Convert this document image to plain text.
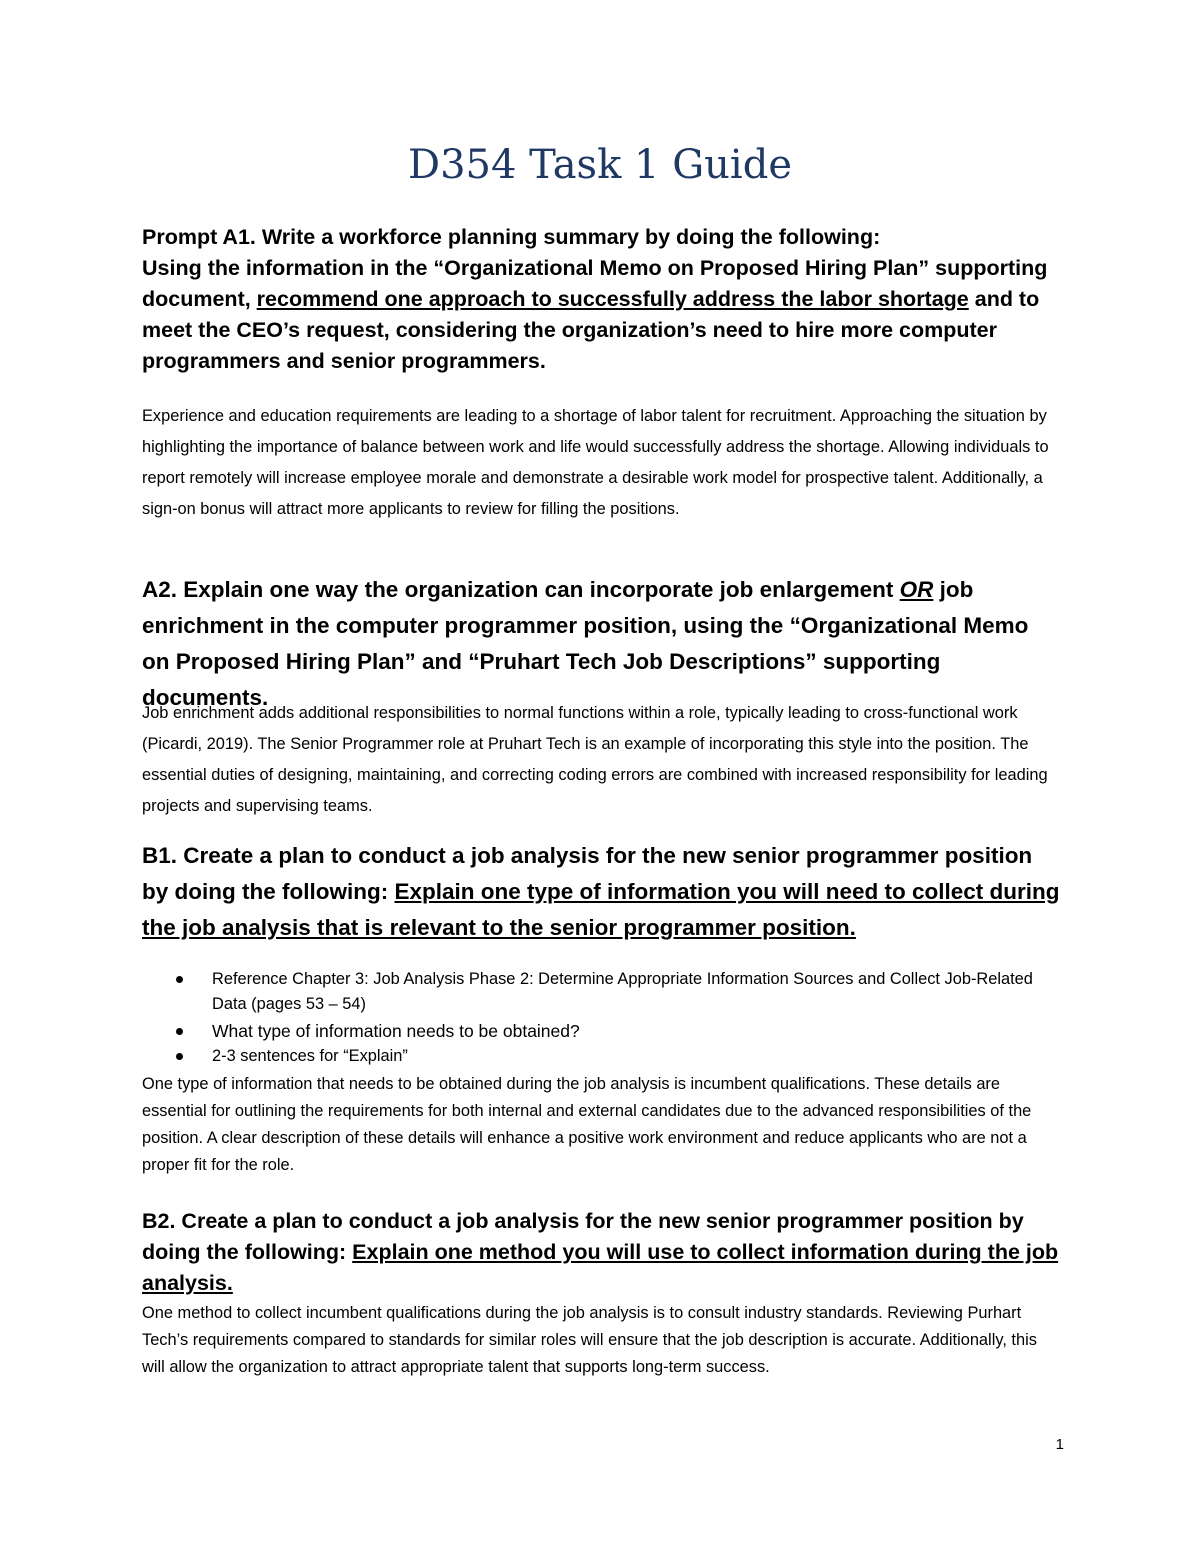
D354 Task 1 Guide
Prompt A1. Write a workforce planning summary by doing the following:
Using the information in the “Organizational Memo on Proposed Hiring Plan” supporting document, recommend one approach to successfully address the labor shortage and to meet the CEO’s request, considering the organization’s need to hire more computer programmers and senior programmers.

Experience and education requirements are leading to a shortage of labor talent for recruitment. Approaching the situation by highlighting the importance of balance between work and life would successfully address the shortage. Allowing individuals to report remotely will increase employee morale and demonstrate a desirable work model for prospective talent. Additionally, a sign-on bonus will attract more applicants to review for filling the positions.

A2. Explain one way the organization can incorporate job enlargement OR job enrichment in the computer programmer position, using the “Organizational Memo on Proposed Hiring Plan” and “Pruhart Tech Job Descriptions” supporting documents.

Job enrichment adds additional responsibilities to normal functions within a role, typically leading to cross-functional work (Picardi, 2019). The Senior Programmer role at Pruhart Tech is an example of incorporating this style into the position. The essential duties of designing, maintaining, and correcting coding errors are combined with increased responsibility for leading projects and supervising teams.

B1. Create a plan to conduct a job analysis for the new senior programmer position by doing the following: Explain one type of information you will need to collect during the job analysis that is relevant to the senior programmer position.
Reference Chapter 3: Job Analysis Phase 2: Determine Appropriate Information Sources and Collect Job-Related Data (pages 53 – 54)
What type of information needs to be obtained?
2-3 sentences for “Explain”

One type of information that needs to be obtained during the job analysis is incumbent qualifications. These details are essential for outlining the requirements for both internal and external candidates due to the advanced responsibilities of the position. A clear description of these details will enhance a positive work environment and reduce applicants who are not a proper fit for the role.

B2. Create a plan to conduct a job analysis for the new senior programmer position by doing the following: Explain one method you will use to collect information during the job analysis.

One method to collect incumbent qualifications during the job analysis is to consult industry standards. Reviewing Purhart Tech’s requirements compared to standards for similar roles will ensure that the job description is accurate. Additionally, this will allow the organization to attract appropriate talent that supports long-term success.

1
